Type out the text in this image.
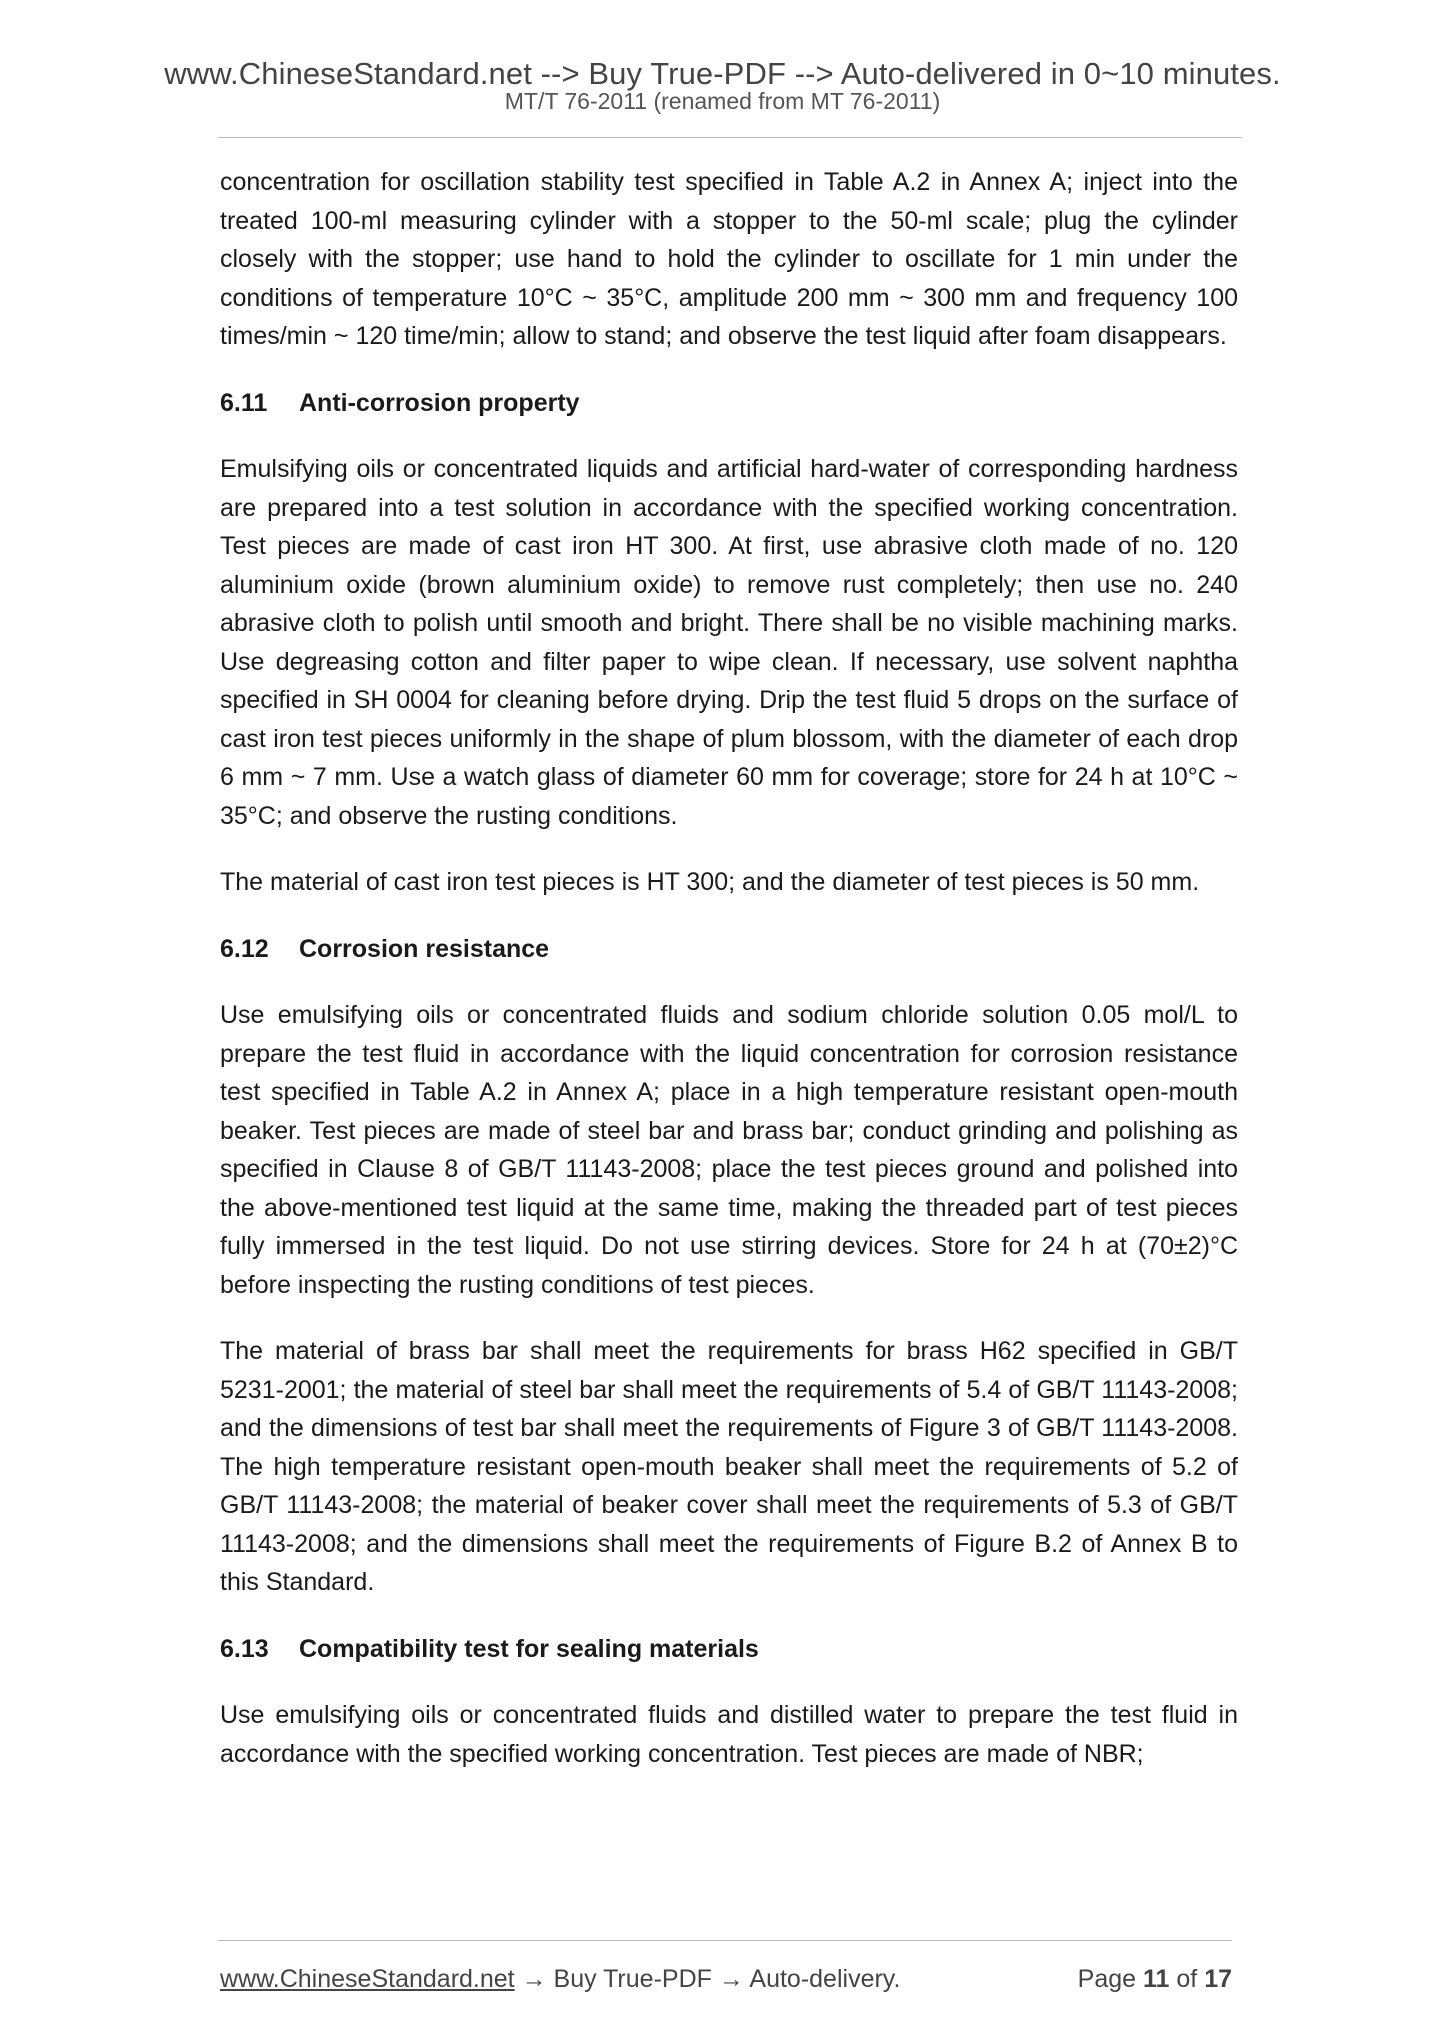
www.ChineseStandard.net --> Buy True-PDF --> Auto-delivered in 0~10 minutes.
MT/T 76-2011 (renamed from MT 76-2011)

concentration for oscillation stability test specified in Table A.2 in Annex A; inject into the treated 100-ml measuring cylinder with a stopper to the 50-ml scale; plug the cylinder closely with the stopper; use hand to hold the cylinder to oscillate for 1 min under the conditions of temperature 10°C ~ 35°C, amplitude 200 mm ~ 300 mm and frequency 100 times/min ~ 120 time/min; allow to stand; and observe the test liquid after foam disappears.

6.11 Anti-corrosion property

Emulsifying oils or concentrated liquids and artificial hard-water of corresponding hardness are prepared into a test solution in accordance with the specified working concentration. Test pieces are made of cast iron HT 300. At first, use abrasive cloth made of no. 120 aluminium oxide (brown aluminium oxide) to remove rust completely; then use no. 240 abrasive cloth to polish until smooth and bright. There shall be no visible machining marks. Use degreasing cotton and filter paper to wipe clean. If necessary, use solvent naphtha specified in SH 0004 for cleaning before drying. Drip the test fluid 5 drops on the surface of cast iron test pieces uniformly in the shape of plum blossom, with the diameter of each drop 6 mm ~ 7 mm. Use a watch glass of diameter 60 mm for coverage; store for 24 h at 10°C ~ 35°C; and observe the rusting conditions.

The material of cast iron test pieces is HT 300; and the diameter of test pieces is 50 mm.

6.12 Corrosion resistance

Use emulsifying oils or concentrated fluids and sodium chloride solution 0.05 mol/L to prepare the test fluid in accordance with the liquid concentration for corrosion resistance test specified in Table A.2 in Annex A; place in a high temperature resistant open-mouth beaker. Test pieces are made of steel bar and brass bar; conduct grinding and polishing as specified in Clause 8 of GB/T 11143-2008; place the test pieces ground and polished into the above-mentioned test liquid at the same time, making the threaded part of test pieces fully immersed in the test liquid. Do not use stirring devices. Store for 24 h at (70±2)°C before inspecting the rusting conditions of test pieces.

The material of brass bar shall meet the requirements for brass H62 specified in GB/T 5231-2001; the material of steel bar shall meet the requirements of 5.4 of GB/T 11143-2008; and the dimensions of test bar shall meet the requirements of Figure 3 of GB/T 11143-2008. The high temperature resistant open-mouth beaker shall meet the requirements of 5.2 of GB/T 11143-2008; the material of beaker cover shall meet the requirements of 5.3 of GB/T 11143-2008; and the dimensions shall meet the requirements of Figure B.2 of Annex B to this Standard.

6.13 Compatibility test for sealing materials

Use emulsifying oils or concentrated fluids and distilled water to prepare the test fluid in accordance with the specified working concentration. Test pieces are made of NBR;

www.ChineseStandard.net → Buy True-PDF → Auto-delivery.	Page 11 of 17
